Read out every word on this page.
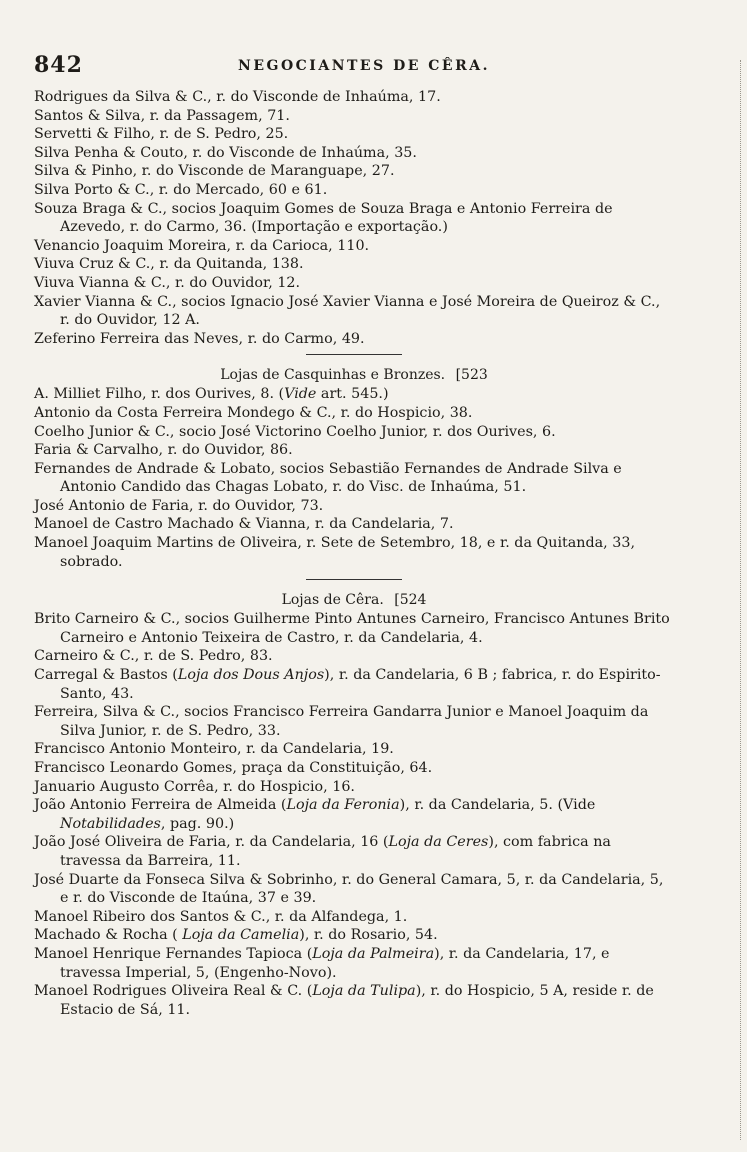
842	NEGOCIANTES DE CÊRA.
Rodrigues da Silva & C., r. do Visconde de Inhaúma, 17.
Santos & Silva, r. da Passagem, 71.
Servetti & Filho, r. de S. Pedro, 25.
Silva Penha & Couto, r. do Visconde de Inhaúma, 35.
Silva & Pinho, r. do Visconde de Maranguape, 27.
Silva Porto & C., r. do Mercado, 60 e 61.
Souza Braga & C., socios Joaquim Gomes de Souza Braga e Antonio Ferreira de Azevedo, r. do Carmo, 36. (Importação e exportação.)
Venancio Joaquim Moreira, r. da Carioca, 110.
Viuva Cruz & C., r. da Quitanda, 138.
Viuva Vianna & C., r. do Ouvidor, 12.
Xavier Vianna & C., socios Ignacio José Xavier Vianna e José Moreira de Queiroz & C., r. do Ouvidor, 12 A.
Zeferino Ferreira das Neves, r. do Carmo, 49.
Lojas de Casquinhas e Bronzes. [523
A. Milliet Filho, r. dos Ourives, 8. (Vide art. 545.)
Antonio da Costa Ferreira Mondego & C., r. do Hospicio, 38.
Coelho Junior & C., socio José Victorino Coelho Junior, r. dos Ourives, 6.
Faria & Carvalho, r. do Ouvidor, 86.
Fernandes de Andrade & Lobato, socios Sebastião Fernandes de Andrade Silva e Antonio Candido das Chagas Lobato, r. do Visc. de Inhaúma, 51.
José Antonio de Faria, r. do Ouvidor, 73.
Manoel de Castro Machado & Vianna, r. da Candelaria, 7.
Manoel Joaquim Martins de Oliveira, r. Sete de Setembro, 18, e r. da Quitanda, 33, sobrado.
Lojas de Cêra. [524
Brito Carneiro & C., socios Guilherme Pinto Antunes Carneiro, Francisco Antunes Brito Carneiro e Antonio Teixeira de Castro, r. da Candelaria, 4.
Carneiro & C., r. de S. Pedro, 83.
Carregal & Bastos (Loja dos Dous Anjos), r. da Candelaria, 6 B ; fabrica, r. do Espirito-Santo, 43.
Ferreira, Silva & C., socios Francisco Ferreira Gandarra Junior e Manoel Joaquim da Silva Junior, r. de S. Pedro, 33.
Francisco Antonio Monteiro, r. da Candelaria, 19.
Francisco Leonardo Gomes, praça da Constituição, 64.
Januario Augusto Corrêa, r. do Hospicio, 16.
João Antonio Ferreira de Almeida (Loja da Feronia), r. da Candelaria, 5. (Vide Notabilidades, pag. 90.)
João José Oliveira de Faria, r. da Candelaria, 16 (Loja da Ceres), com fabrica na travessa da Barreira, 11.
José Duarte da Fonseca Silva & Sobrinho, r. do General Camara, 5, r. da Candelaria, 5, e r. do Visconde de Itaúna, 37 e 39.
Manoel Ribeiro dos Santos & C., r. da Alfandega, 1.
Machado & Rocha ( Loja da Camelia), r. do Rosario, 54.
Manoel Henrique Fernandes Tapioca (Loja da Palmeira), r. da Candelaria, 17, e travessa Imperial, 5, (Engenho-Novo).
Manoel Rodrigues Oliveira Real & C. (Loja da Tulipa), r. do Hospicio, 5 A, reside r. de Estacio de Sá, 11.
